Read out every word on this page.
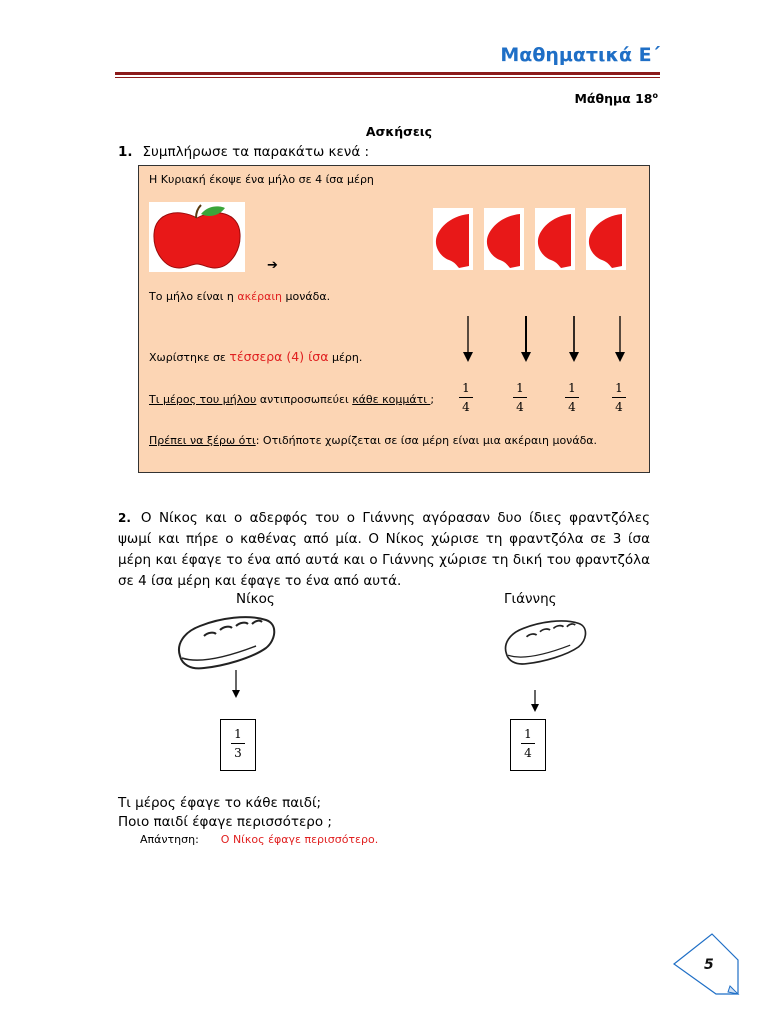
Μαθηματικά Ε΄
Μάθημα $18^o$
Ασκήσεις
1. Συμπλήρωσε τα παρακάτω κενά :
Η Κυριακή έκοψε ένα μήλο σε 4 ίσα μέρη
➔
Το μήλο είναι η ακέραιη μονάδα.
Χωρίστηκε σε τέσσερα (4) ίσα μέρη.
Τι μέρος του μήλου αντιπροσωπεύει κάθε κομμάτι ;
1
4
1
4
1
4
1
4
Πρέπει να ξέρω ότι: Οτιδήποτε χωρίζεται σε ίσα μέρη είναι μια ακέραιη μονάδα.
2. Ο Νίκος και ο αδερφός του ο Γιάννης αγόρασαν δυο ίδιες φραντζόλες ψωμί και πήρε ο καθένας από μία. Ο Νίκος χώρισε τη φραντζόλα σε 3 ίσα μέρη και έφαγε το ένα από αυτά και ο Γιάννης χώρισε τη δική του φραντζόλα σε 4 ίσα μέρη και έφαγε το ένα από αυτά.
Νίκος	Γιάννης
1
3
1
4
Τι μέρος έφαγε το κάθε παιδί;
Ποιο παιδί έφαγε περισσότερο ;
Απάντηση: Ο Νίκος έφαγε περισσότερο.
5
